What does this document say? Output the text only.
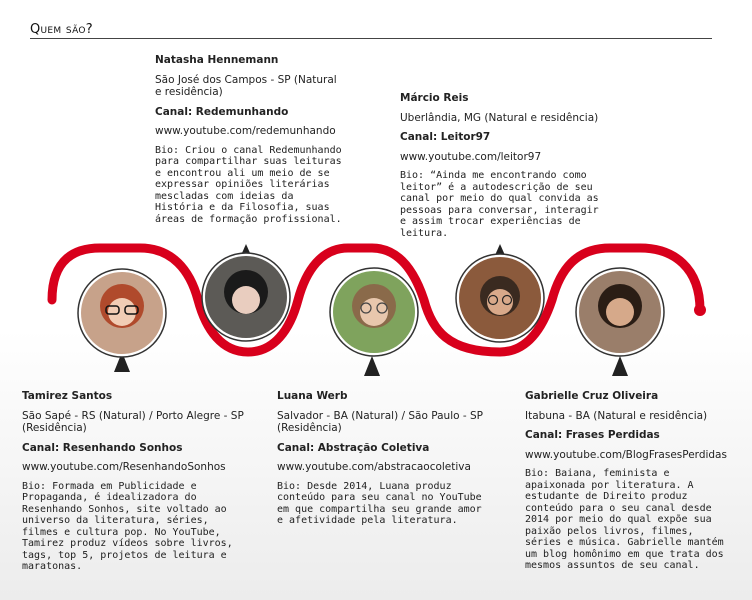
Quem são?

Natasha Hennemann

São José dos Campos - SP (Natural e residência)

Canal: Redemunhando

www.youtube.com/redemunhando

Bio: Criou o canal Redemunhando para compartilhar suas leituras e encontrou ali um meio de se expressar opiniões literárias mescladas com ideias da História e da Filosofia, suas áreas de formação profissional.

Márcio Reis

Uberlândia, MG (Natural e residência)

Canal: Leitor97

www.youtube.com/leitor97

Bio: “Ainda me encontrando como leitor” é a autodescrição de seu canal por meio do qual convida as pessoas para conversar, interagir e assim trocar experiências de leitura.

Tamirez Santos

São Sapé - RS (Natural) / Porto Alegre - SP (Residência)

Canal: Resenhando Sonhos

www.youtube.com/ResenhandoSonhos

Bio: Formada em Publicidade e Propaganda, é idealizadora do Resenhando Sonhos, site voltado ao universo da literatura, séries, filmes e cultura pop. No YouTube, Tamirez produz vídeos sobre livros, tags, top 5, projetos de leitura e maratonas.

Luana Werb

Salvador - BA (Natural) / São Paulo - SP (Residência)

Canal: Abstração Coletiva

www.youtube.com/abstracaocoletiva

Bio: Desde 2014, Luana produz conteúdo para seu canal no YouTube em que compartilha seu grande amor e afetividade pela literatura.

Gabrielle Cruz Oliveira

Itabuna - BA (Natural e residência)

Canal: Frases Perdidas

www.youtube.com/BlogFrasesPerdidas

Bio: Baiana, feminista e apaixonada por literatura. A estudante de Direito produz conteúdo para o seu canal desde 2014 por meio do qual expõe sua paixão pelos livros, filmes, séries e música. Gabrielle mantém um blog homônimo em que trata dos mesmos assuntos de seu canal.
